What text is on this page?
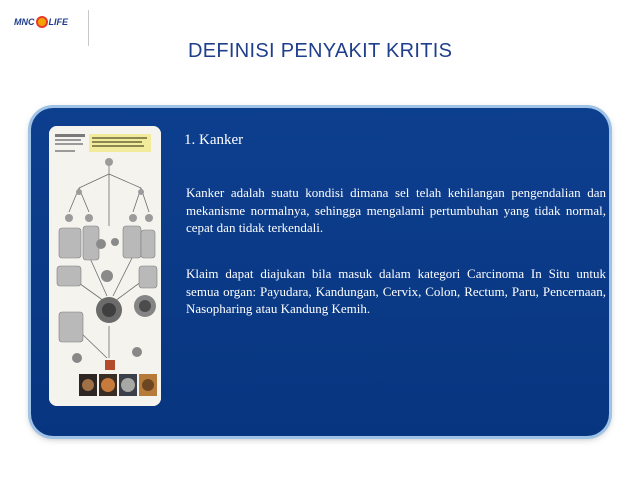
MNC LIFE
DEFINISI PENYAKIT KRITIS
1. Kanker

Kanker adalah suatu kondisi dimana sel telah kehilangan pengendalian dan mekanisme normalnya, sehingga mengalami pertumbuhan yang tidak normal, cepat dan tidak terkendali.

Klaim dapat diajukan bila masuk dalam kategori Carcinoma In Situ untuk semua organ: Payudara, Kandungan, Cervix, Colon, Rectum, Paru, Pencernaan, Nasopharing atau Kandung Kemih.
